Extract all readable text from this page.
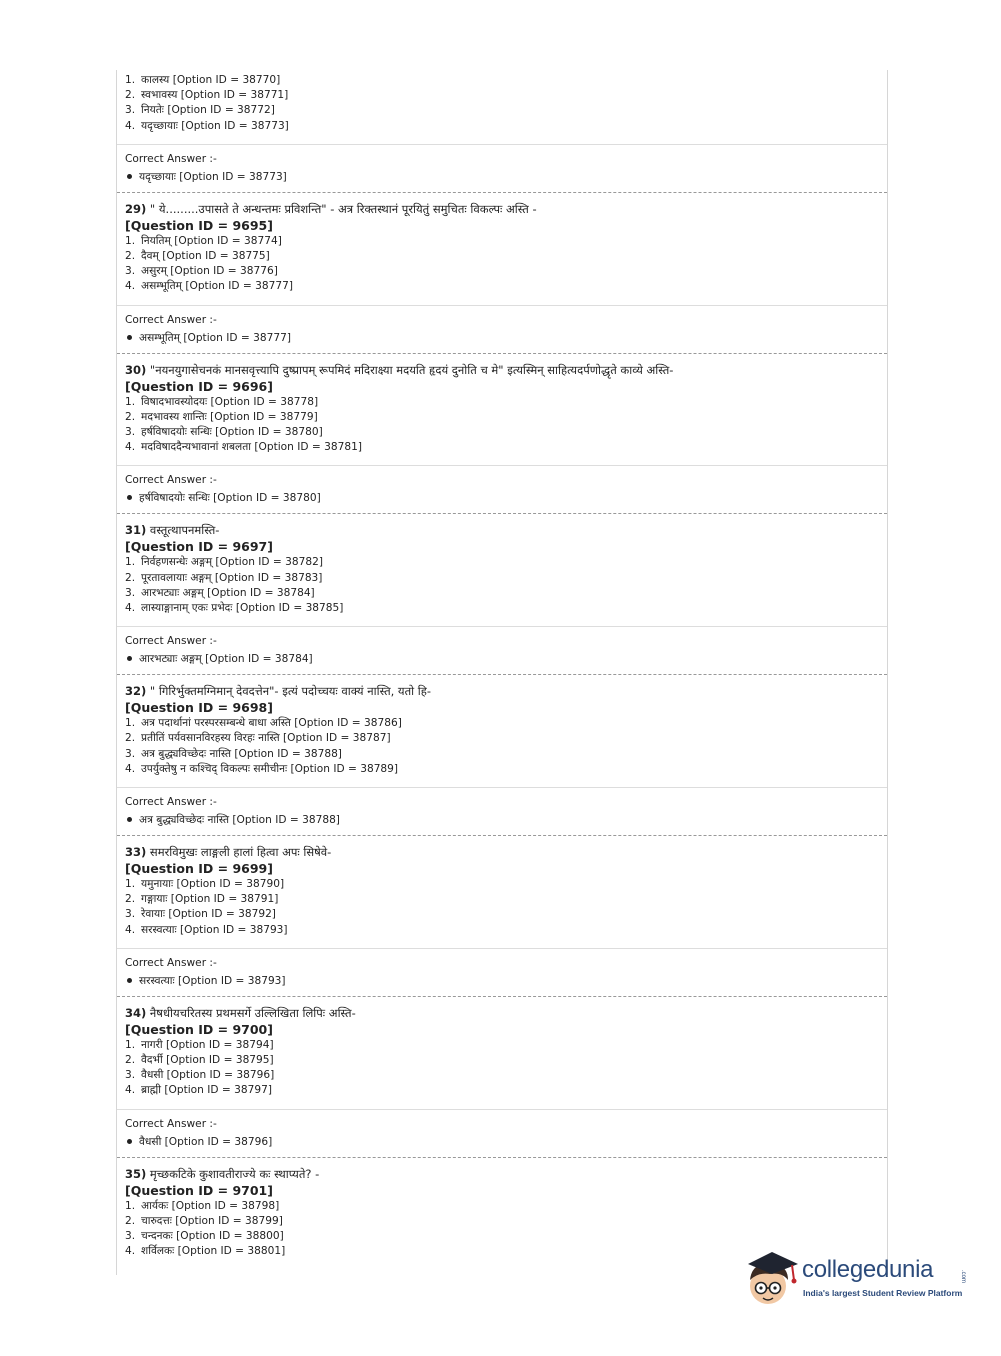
1. कालस्य [Option ID = 38770]
2. स्वभावस्य [Option ID = 38771]
3. नियतेः [Option ID = 38772]
4. यदृच्छायाः [Option ID = 38773]
Correct Answer :-
यदृच्छायाः [Option ID = 38773]
29) " ये.........उपासते ते अन्धन्तमः प्रविशन्ति" - अत्र रिक्तस्थानं पूरयितुं समुचितः विकल्पः अस्ति -
[Question ID = 9695]
1. नियतिम् [Option ID = 38774]
2. दैवम् [Option ID = 38775]
3. असुरम् [Option ID = 38776]
4. असम्भूतिम् [Option ID = 38777]
Correct Answer :-
असम्भूतिम् [Option ID = 38777]
30) "नयनयुगासेचनकं मानसवृत्त्यापि दुष्प्रापम् रूपमिदं मदिराक्ष्या मदयति हृदयं दुनोति च मे" इत्यस्मिन् साहित्यदर्पणोद्धृते काव्ये अस्ति-
[Question ID = 9696]
1. विषादभावस्योदयः [Option ID = 38778]
2. मदभावस्य शान्तिः [Option ID = 38779]
3. हर्षविषादयोः सन्धिः [Option ID = 38780]
4. मदविषाददैन्यभावानां शबलता [Option ID = 38781]
Correct Answer :-
हर्षविषादयोः सन्धिः [Option ID = 38780]
31) वस्तूत्थापनमस्ति-
[Question ID = 9697]
1. निर्वहणसन्धेः अङ्गम् [Option ID = 38782]
2. पूरतावलायाः अङ्गम् [Option ID = 38783]
3. आरभट्याः अङ्गम् [Option ID = 38784]
4. लास्याङ्गानाम् एकः प्रभेदः [Option ID = 38785]
Correct Answer :-
आरभट्याः अङ्गम् [Option ID = 38784]
32) " गिरिर्भुक्तमग्निमान् देवदत्तेन"- इत्यं पदोच्चयः वाक्यं नास्ति, यतो हि-
[Question ID = 9698]
1. अत्र पदार्थानां परस्परसम्बन्धे बाधा अस्ति [Option ID = 38786]
2. प्रतीतिं पर्यवसानविरहस्य विरहः नास्ति [Option ID = 38787]
3. अत्र बुद्ध्यविच्छेदः नास्ति [Option ID = 38788]
4. उपर्युक्तेषु न कश्चिद् विकल्पः समीचीनः [Option ID = 38789]
Correct Answer :-
अत्र बुद्ध्यविच्छेदः नास्ति [Option ID = 38788]
33) समरविमुखः लाङ्गली हालां हित्वा अपः सिषेवे-
[Question ID = 9699]
1. यमुनायाः [Option ID = 38790]
2. गङ्गायाः [Option ID = 38791]
3. रेवायाः [Option ID = 38792]
4. सरस्वत्याः [Option ID = 38793]
Correct Answer :-
सरस्वत्याः [Option ID = 38793]
34) नैषधीयचरितस्य प्रथमसर्गे उल्लिखिता लिपिः अस्ति-
[Question ID = 9700]
1. नागरी [Option ID = 38794]
2. वैदर्भी [Option ID = 38795]
3. वैधसी [Option ID = 38796]
4. ब्राह्मी [Option ID = 38797]
Correct Answer :-
वैधसी [Option ID = 38796]
35) मृच्छकटिके कुशावतीराज्ये कः स्थाप्यते? -
[Question ID = 9701]
1. आर्यकः [Option ID = 38798]
2. चारुदत्तः [Option ID = 38799]
3. चन्दनकः [Option ID = 38800]
4. शर्विलकः [Option ID = 38801]
collegedunia	.com
India's largest Student Review Platform
